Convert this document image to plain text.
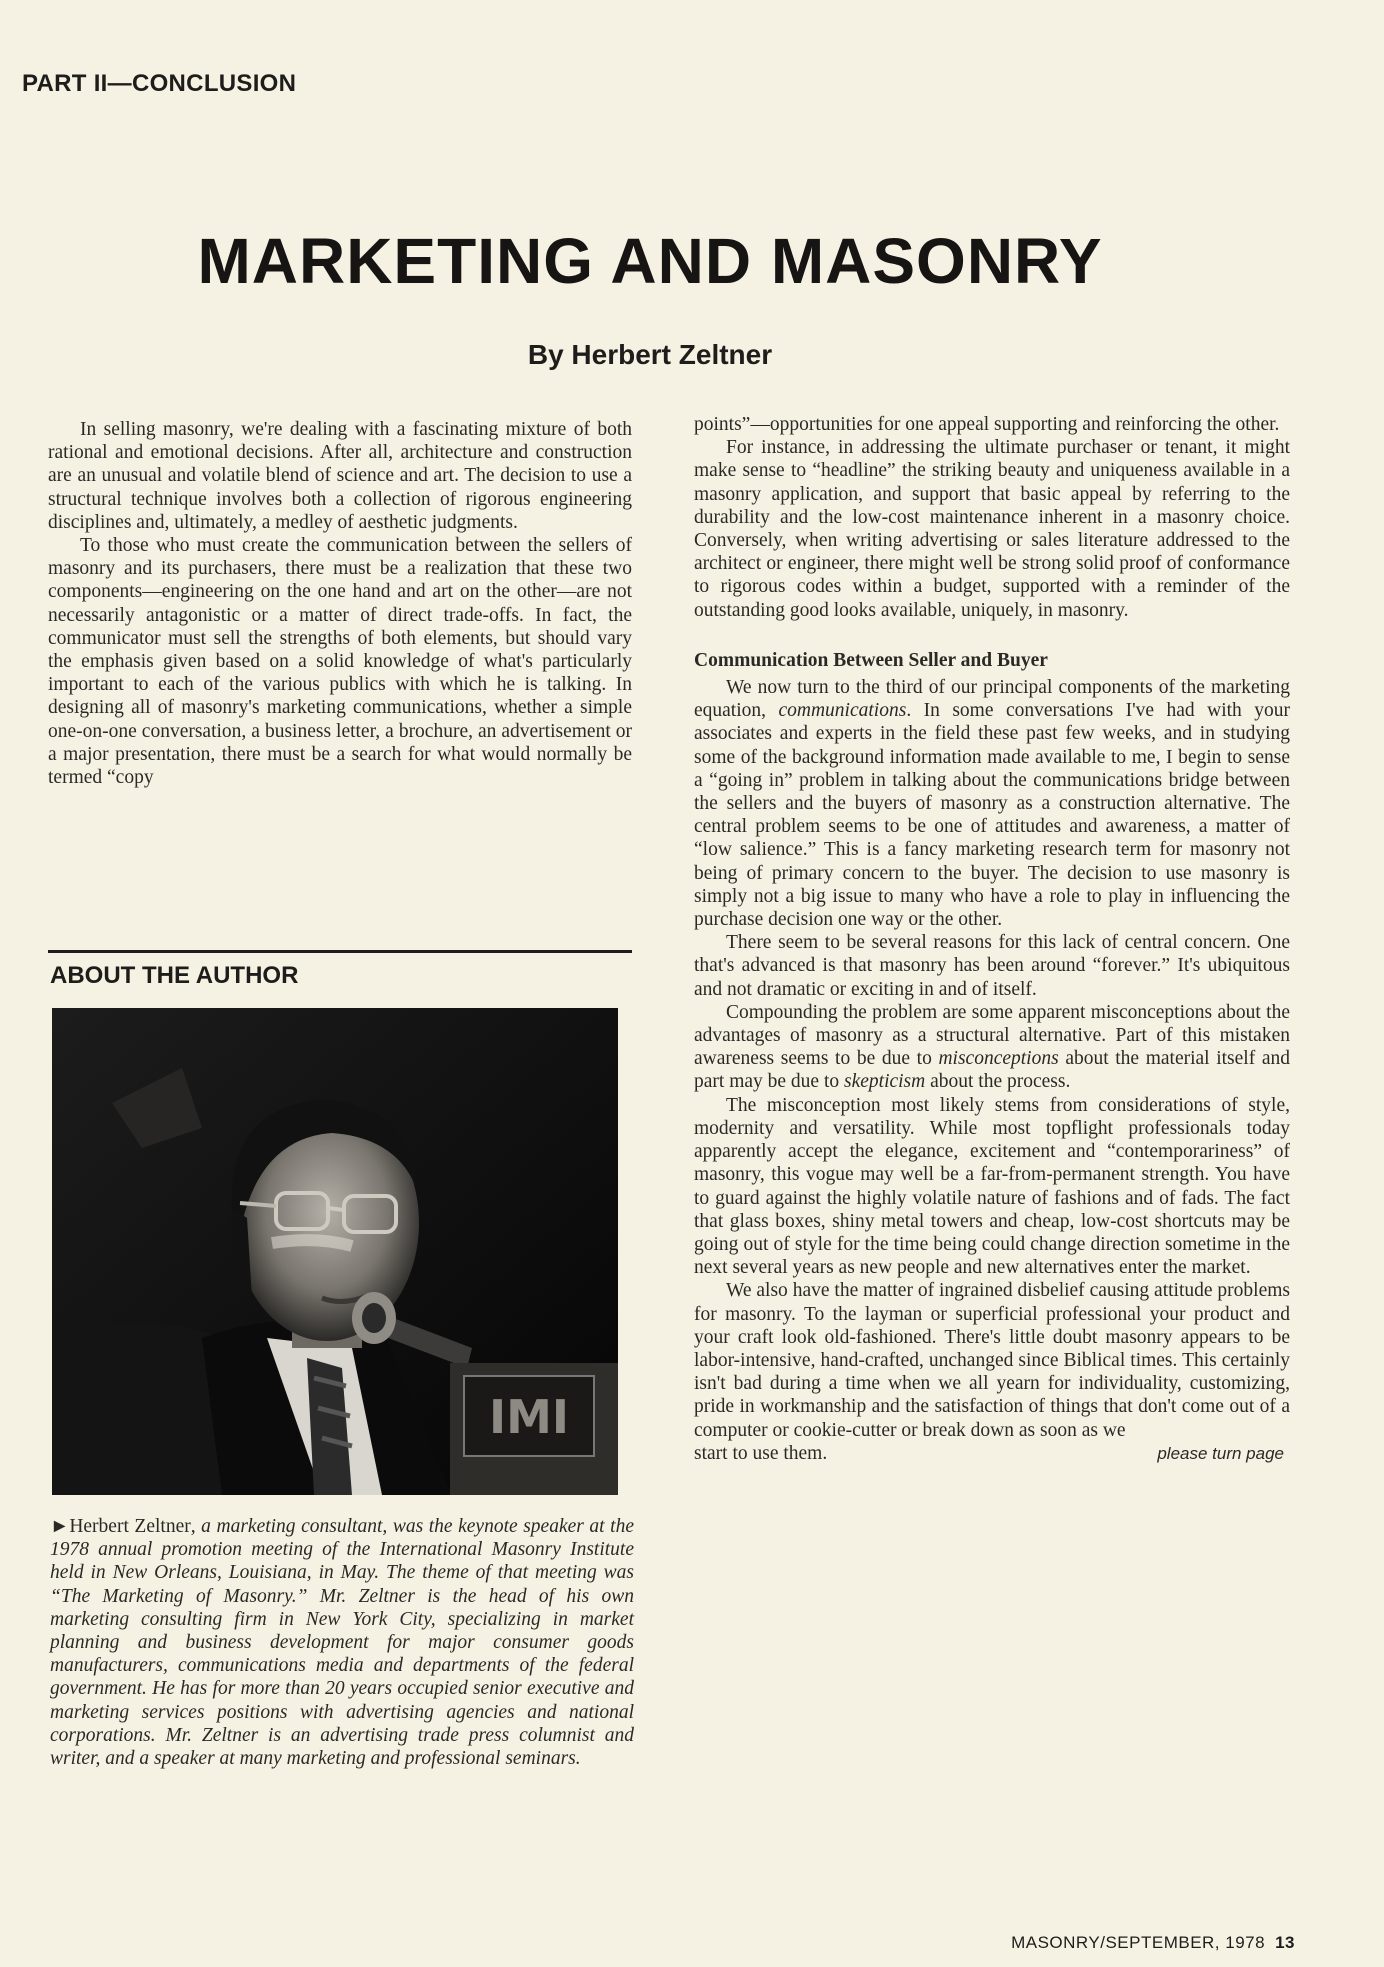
PART II—CONCLUSION

MARKETING AND MASONRY

By Herbert Zeltner

In selling masonry, we're dealing with a fascinating mixture of both rational and emotional decisions. After all, architecture and construction are an unusual and volatile blend of science and art. The decision to use a structural technique involves both a collection of rigorous engineering disciplines and, ultimately, a medley of aesthetic judgments.

To those who must create the communication between the sellers of masonry and its purchasers, there must be a realization that these two components—engineering on the one hand and art on the other—are not necessarily antagonistic or a matter of direct trade-offs. In fact, the communicator must sell the strengths of both elements, but should vary the emphasis given based on a solid knowledge of what's particularly important to each of the various publics with which he is talking. In designing all of masonry's marketing communications, whether a simple one-on-one conversation, a business letter, a brochure, an advertisement or a major presentation, there must be a search for what would normally be termed “copy

ABOUT THE AUTHOR
IMI

►Herbert Zeltner, a marketing consultant, was the keynote speaker at the 1978 annual promotion meeting of the International Masonry Institute held in New Orleans, Louisiana, in May. The theme of that meeting was “The Marketing of Masonry.” Mr. Zeltner is the head of his own marketing consulting firm in New York City, specializing in market planning and business development for major consumer goods manufacturers, communications media and departments of the federal government. He has for more than 20 years occupied senior executive and marketing services positions with advertising agencies and national corporations. Mr. Zeltner is an advertising trade press columnist and writer, and a speaker at many marketing and professional seminars.

points”—opportunities for one appeal supporting and reinforcing the other.

For instance, in addressing the ultimate purchaser or tenant, it might make sense to “headline” the striking beauty and uniqueness available in a masonry application, and support that basic appeal by referring to the durability and the low-cost maintenance inherent in a masonry choice. Conversely, when writing advertising or sales literature addressed to the architect or engineer, there might well be strong solid proof of conformance to rigorous codes within a budget, supported with a reminder of the outstanding good looks available, uniquely, in masonry.

Communication Between Seller and Buyer

We now turn to the third of our principal components of the marketing equation, communications. In some conversations I've had with your associates and experts in the field these past few weeks, and in studying some of the background information made available to me, I begin to sense a “going in” problem in talking about the communications bridge between the sellers and the buyers of masonry as a construction alternative. The central problem seems to be one of attitudes and awareness, a matter of “low salience.” This is a fancy marketing research term for masonry not being of primary concern to the buyer. The decision to use masonry is simply not a big issue to many who have a role to play in influencing the purchase decision one way or the other.

There seem to be several reasons for this lack of central concern. One that's advanced is that masonry has been around “forever.” It's ubiquitous and not dramatic or exciting in and of itself.

Compounding the problem are some apparent misconceptions about the advantages of masonry as a structural alternative. Part of this mistaken awareness seems to be due to misconceptions about the material itself and part may be due to skepticism about the process.

The misconception most likely stems from considerations of style, modernity and versatility. While most topflight professionals today apparently accept the elegance, excitement and “contemporariness” of masonry, this vogue may well be a far-from-permanent strength. You have to guard against the highly volatile nature of fashions and of fads. The fact that glass boxes, shiny metal towers and cheap, low-cost shortcuts may be going out of style for the time being could change direction sometime in the next several years as new people and new alternatives enter the market.

We also have the matter of ingrained disbelief causing attitude problems for masonry. To the layman or superficial professional your product and your craft look old-fashioned. There's little doubt masonry appears to be labor-intensive, hand-crafted, unchanged since Biblical times. This certainly isn't bad during a time when we all yearn for individuality, customizing, pride in workmanship and the satisfaction of things that don't come out of a computer or cookie-cutter or break down as soon as we

start to use them.	please turn page
MASONRY/SEPTEMBER, 1978 13
